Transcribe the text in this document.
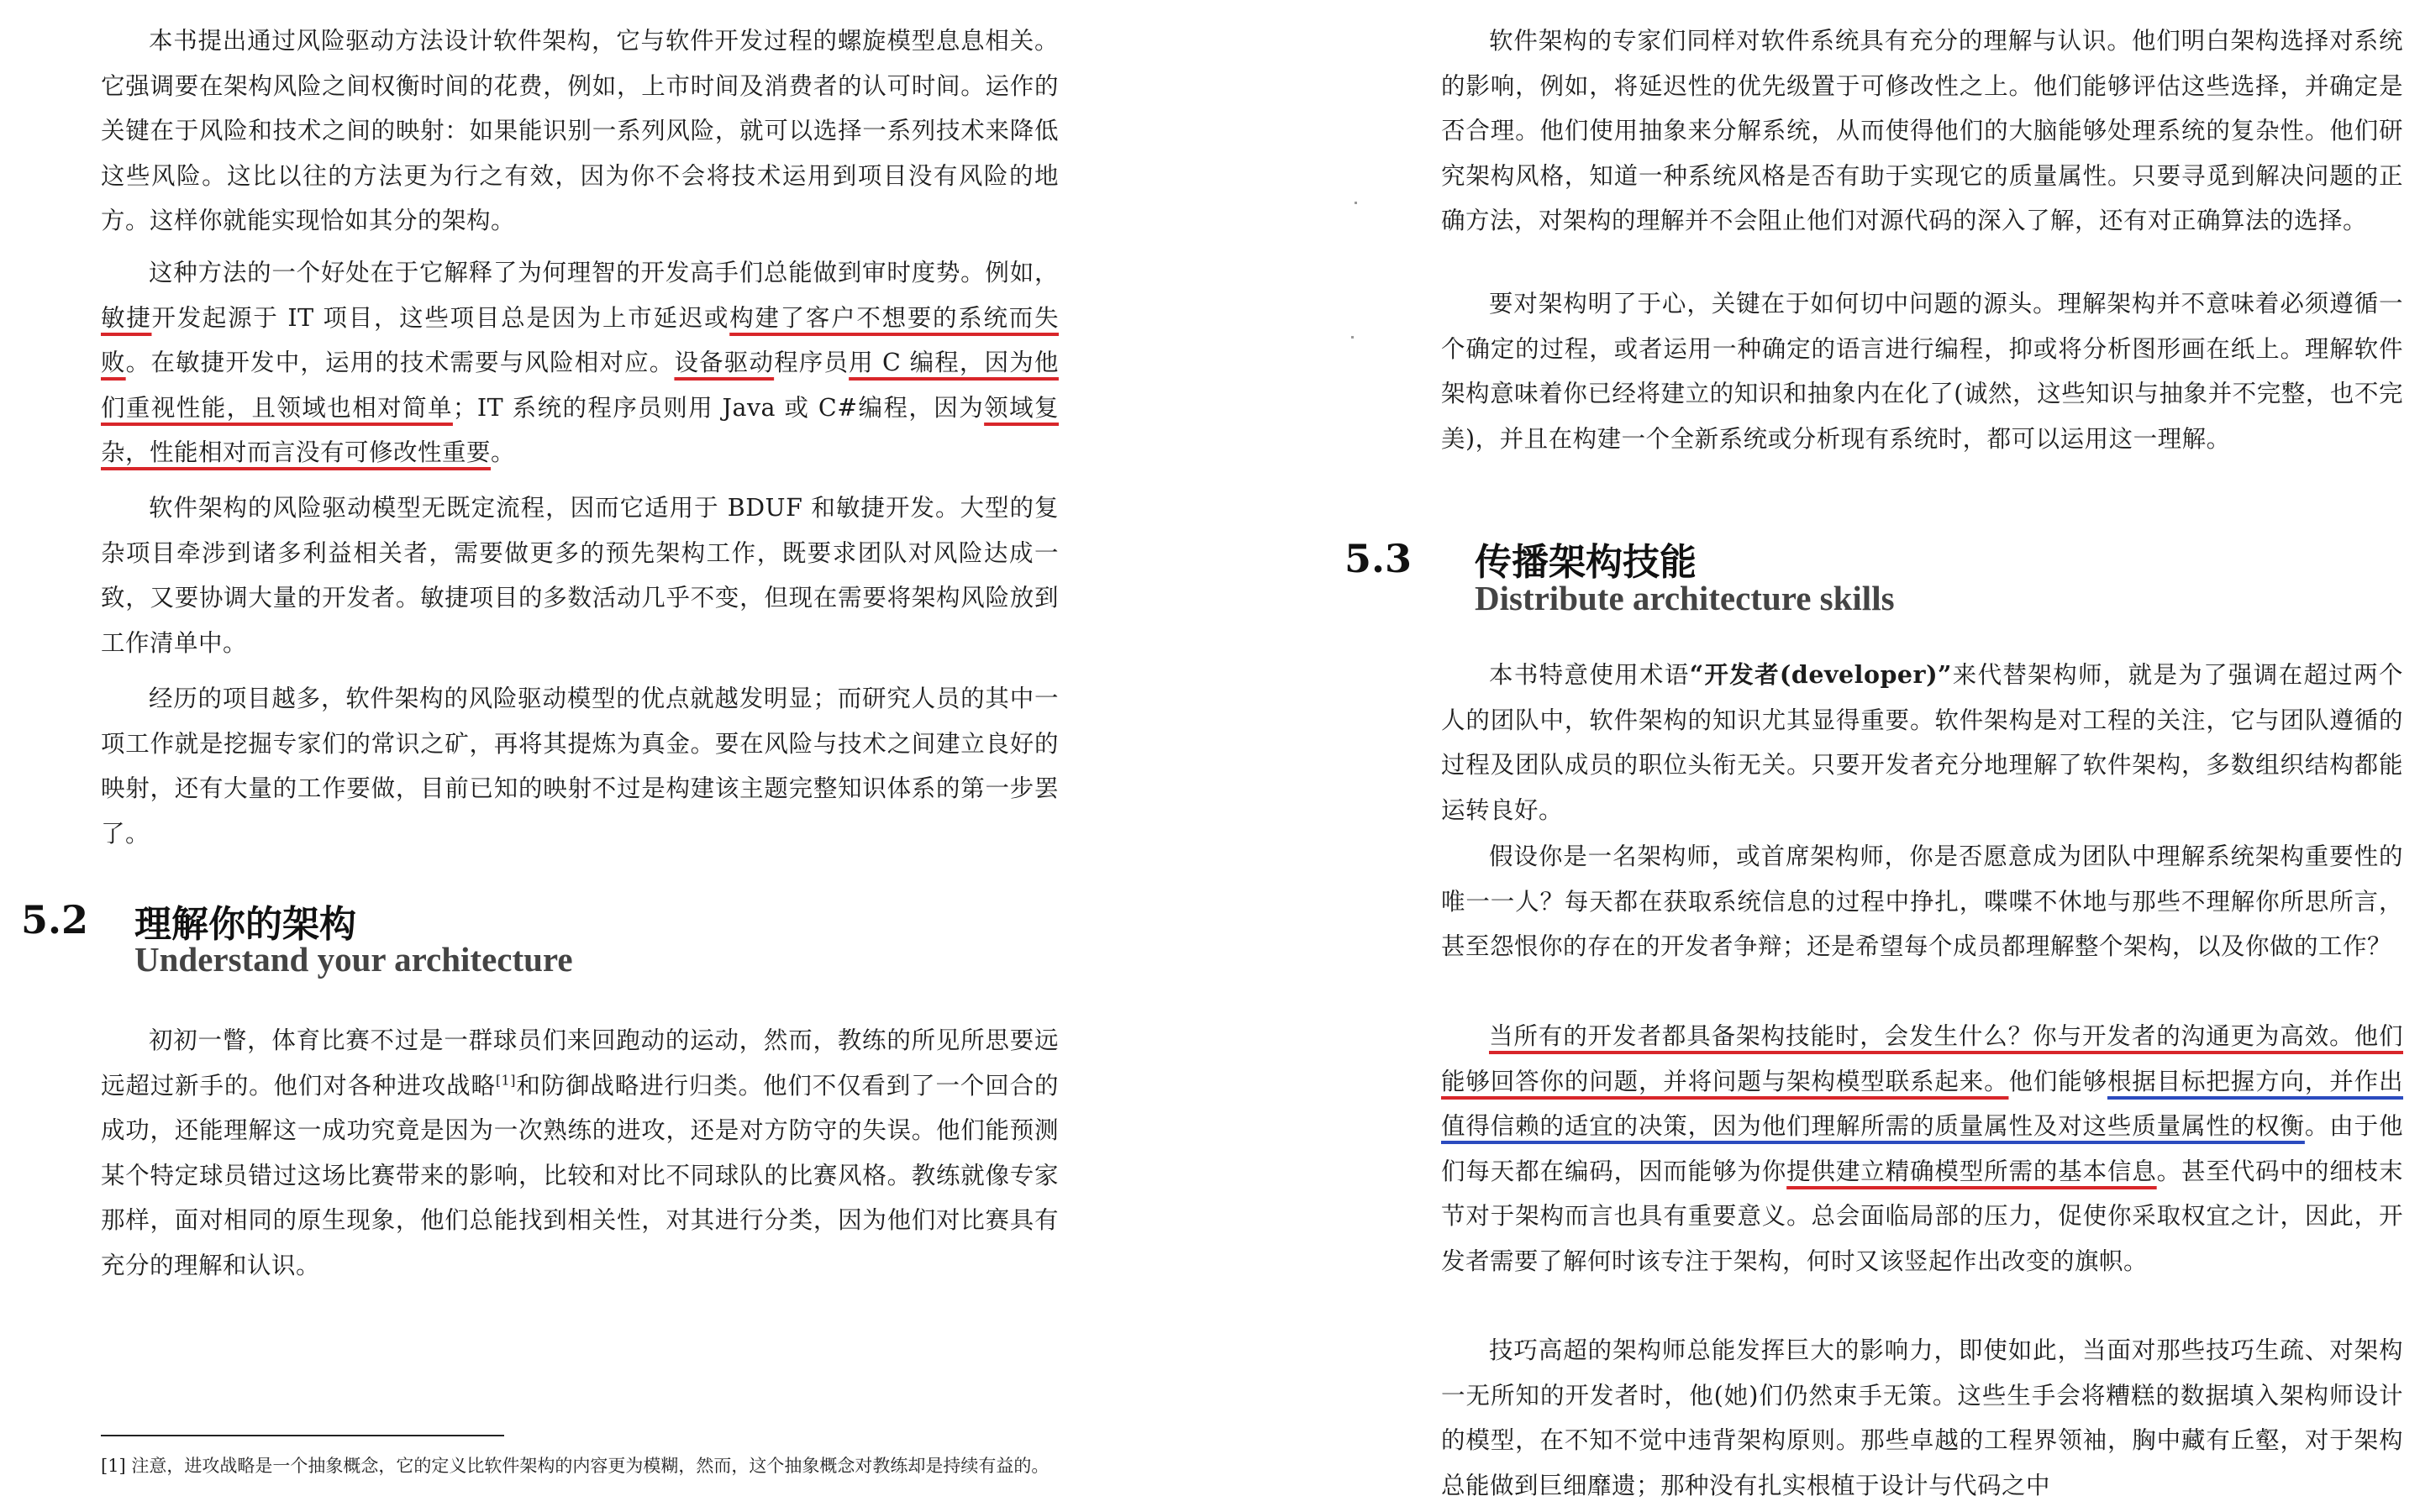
本书提出通过风险驱动方法设计软件架构，它与软件开发过程的螺旋模型息息相关。它强调要在架构风险之间权衡时间的花费，例如，上市时间及消费者的认可时间。运作的关键在于风险和技术之间的映射：如果能识别一系列风险，就可以选择一系列技术来降低这些风险。这比以往的方法更为行之有效，因为你不会将技术运用到项目没有风险的地方。这样你就能实现恰如其分的架构。
这种方法的一个好处在于它解释了为何理智的开发高手们总能做到审时度势。例如，敏捷开发起源于 IT 项目，这些项目总是因为上市延迟或构建了客户不想要的系统而失败。在敏捷开发中，运用的技术需要与风险相对应。设备驱动程序员用 C 编程，因为他们重视性能，且领域也相对简单；IT 系统的程序员则用 Java 或 C#编程，因为领域复杂，性能相对而言没有可修改性重要。
软件架构的风险驱动模型无既定流程，因而它适用于 BDUF 和敏捷开发。大型的复杂项目牵涉到诸多利益相关者，需要做更多的预先架构工作，既要求团队对风险达成一致，又要协调大量的开发者。敏捷项目的多数活动几乎不变，但现在需要将架构风险放到工作清单中。
经历的项目越多，软件架构的风险驱动模型的优点就越发明显；而研究人员的其中一项工作就是挖掘专家们的常识之矿，再将其提炼为真金。要在风险与技术之间建立良好的映射，还有大量的工作要做，目前已知的映射不过是构建该主题完整知识体系的第一步罢了。
5.2 理解你的架构
Understand your architecture
初初一瞥，体育比赛不过是一群球员们来回跑动的运动，然而，教练的所见所思要远远超过新手的。他们对各种进攻战略[1]和防御战略进行归类。他们不仅看到了一个回合的成功，还能理解这一成功究竟是因为一次熟练的进攻，还是对方防守的失误。他们能预测某个特定球员错过这场比赛带来的影响，比较和对比不同球队的比赛风格。教练就像专家那样，面对相同的原生现象，他们总能找到相关性，对其进行分类，因为他们对比赛具有充分的理解和认识。
[1] 注意，进攻战略是一个抽象概念，它的定义比软件架构的内容更为模糊，然而，这个抽象概念对教练却是持续有益的。
软件架构的专家们同样对软件系统具有充分的理解与认识。他们明白架构选择对系统的影响，例如，将延迟性的优先级置于可修改性之上。他们能够评估这些选择，并确定是否合理。他们使用抽象来分解系统，从而使得他们的大脑能够处理系统的复杂性。他们研究架构风格，知道一种系统风格是否有助于实现它的质量属性。只要寻觅到解决问题的正确方法，对架构的理解并不会阻止他们对源代码的深入了解，还有对正确算法的选择。
要对架构明了于心，关键在于如何切中问题的源头。理解架构并不意味着必须遵循一个确定的过程，或者运用一种确定的语言进行编程，抑或将分析图形画在纸上。理解软件架构意味着你已经将建立的知识和抽象内在化了(诚然，这些知识与抽象并不完整，也不完美)，并且在构建一个全新系统或分析现有系统时，都可以运用这一理解。
5.3 传播架构技能
Distribute architecture skills
本书特意使用术语“开发者(developer)”来代替架构师，就是为了强调在超过两个人的团队中，软件架构的知识尤其显得重要。软件架构是对工程的关注，它与团队遵循的过程及团队成员的职位头衔无关。只要开发者充分地理解了软件架构，多数组织结构都能运转良好。
假设你是一名架构师，或首席架构师，你是否愿意成为团队中理解系统架构重要性的唯一一人？每天都在获取系统信息的过程中挣扎，喋喋不休地与那些不理解你所思所言，甚至怨恨你的存在的开发者争辩；还是希望每个成员都理解整个架构，以及你做的工作？
当所有的开发者都具备架构技能时，会发生什么？你与开发者的沟通更为高效。他们能够回答你的问题，并将问题与架构模型联系起来。他们能够根据目标把握方向，并作出值得信赖的适宜的决策，因为他们理解所需的质量属性及对这些质量属性的权衡。由于他们每天都在编码，因而能够为你提供建立精确模型所需的基本信息。甚至代码中的细枝末节对于架构而言也具有重要意义。总会面临局部的压力，促使你采取权宜之计，因此，开发者需要了解何时该专注于架构，何时又该竖起作出改变的旗帜。
技巧高超的架构师总能发挥巨大的影响力，即使如此，当面对那些技巧生疏、对架构一无所知的开发者时，他(她)们仍然束手无策。这些生手会将糟糕的数据填入架构师设计的模型，在不知不觉中违背架构原则。那些卓越的工程界领袖，胸中藏有丘壑，对于架构总能做到巨细靡遗；那种没有扎实根植于设计与代码之中
